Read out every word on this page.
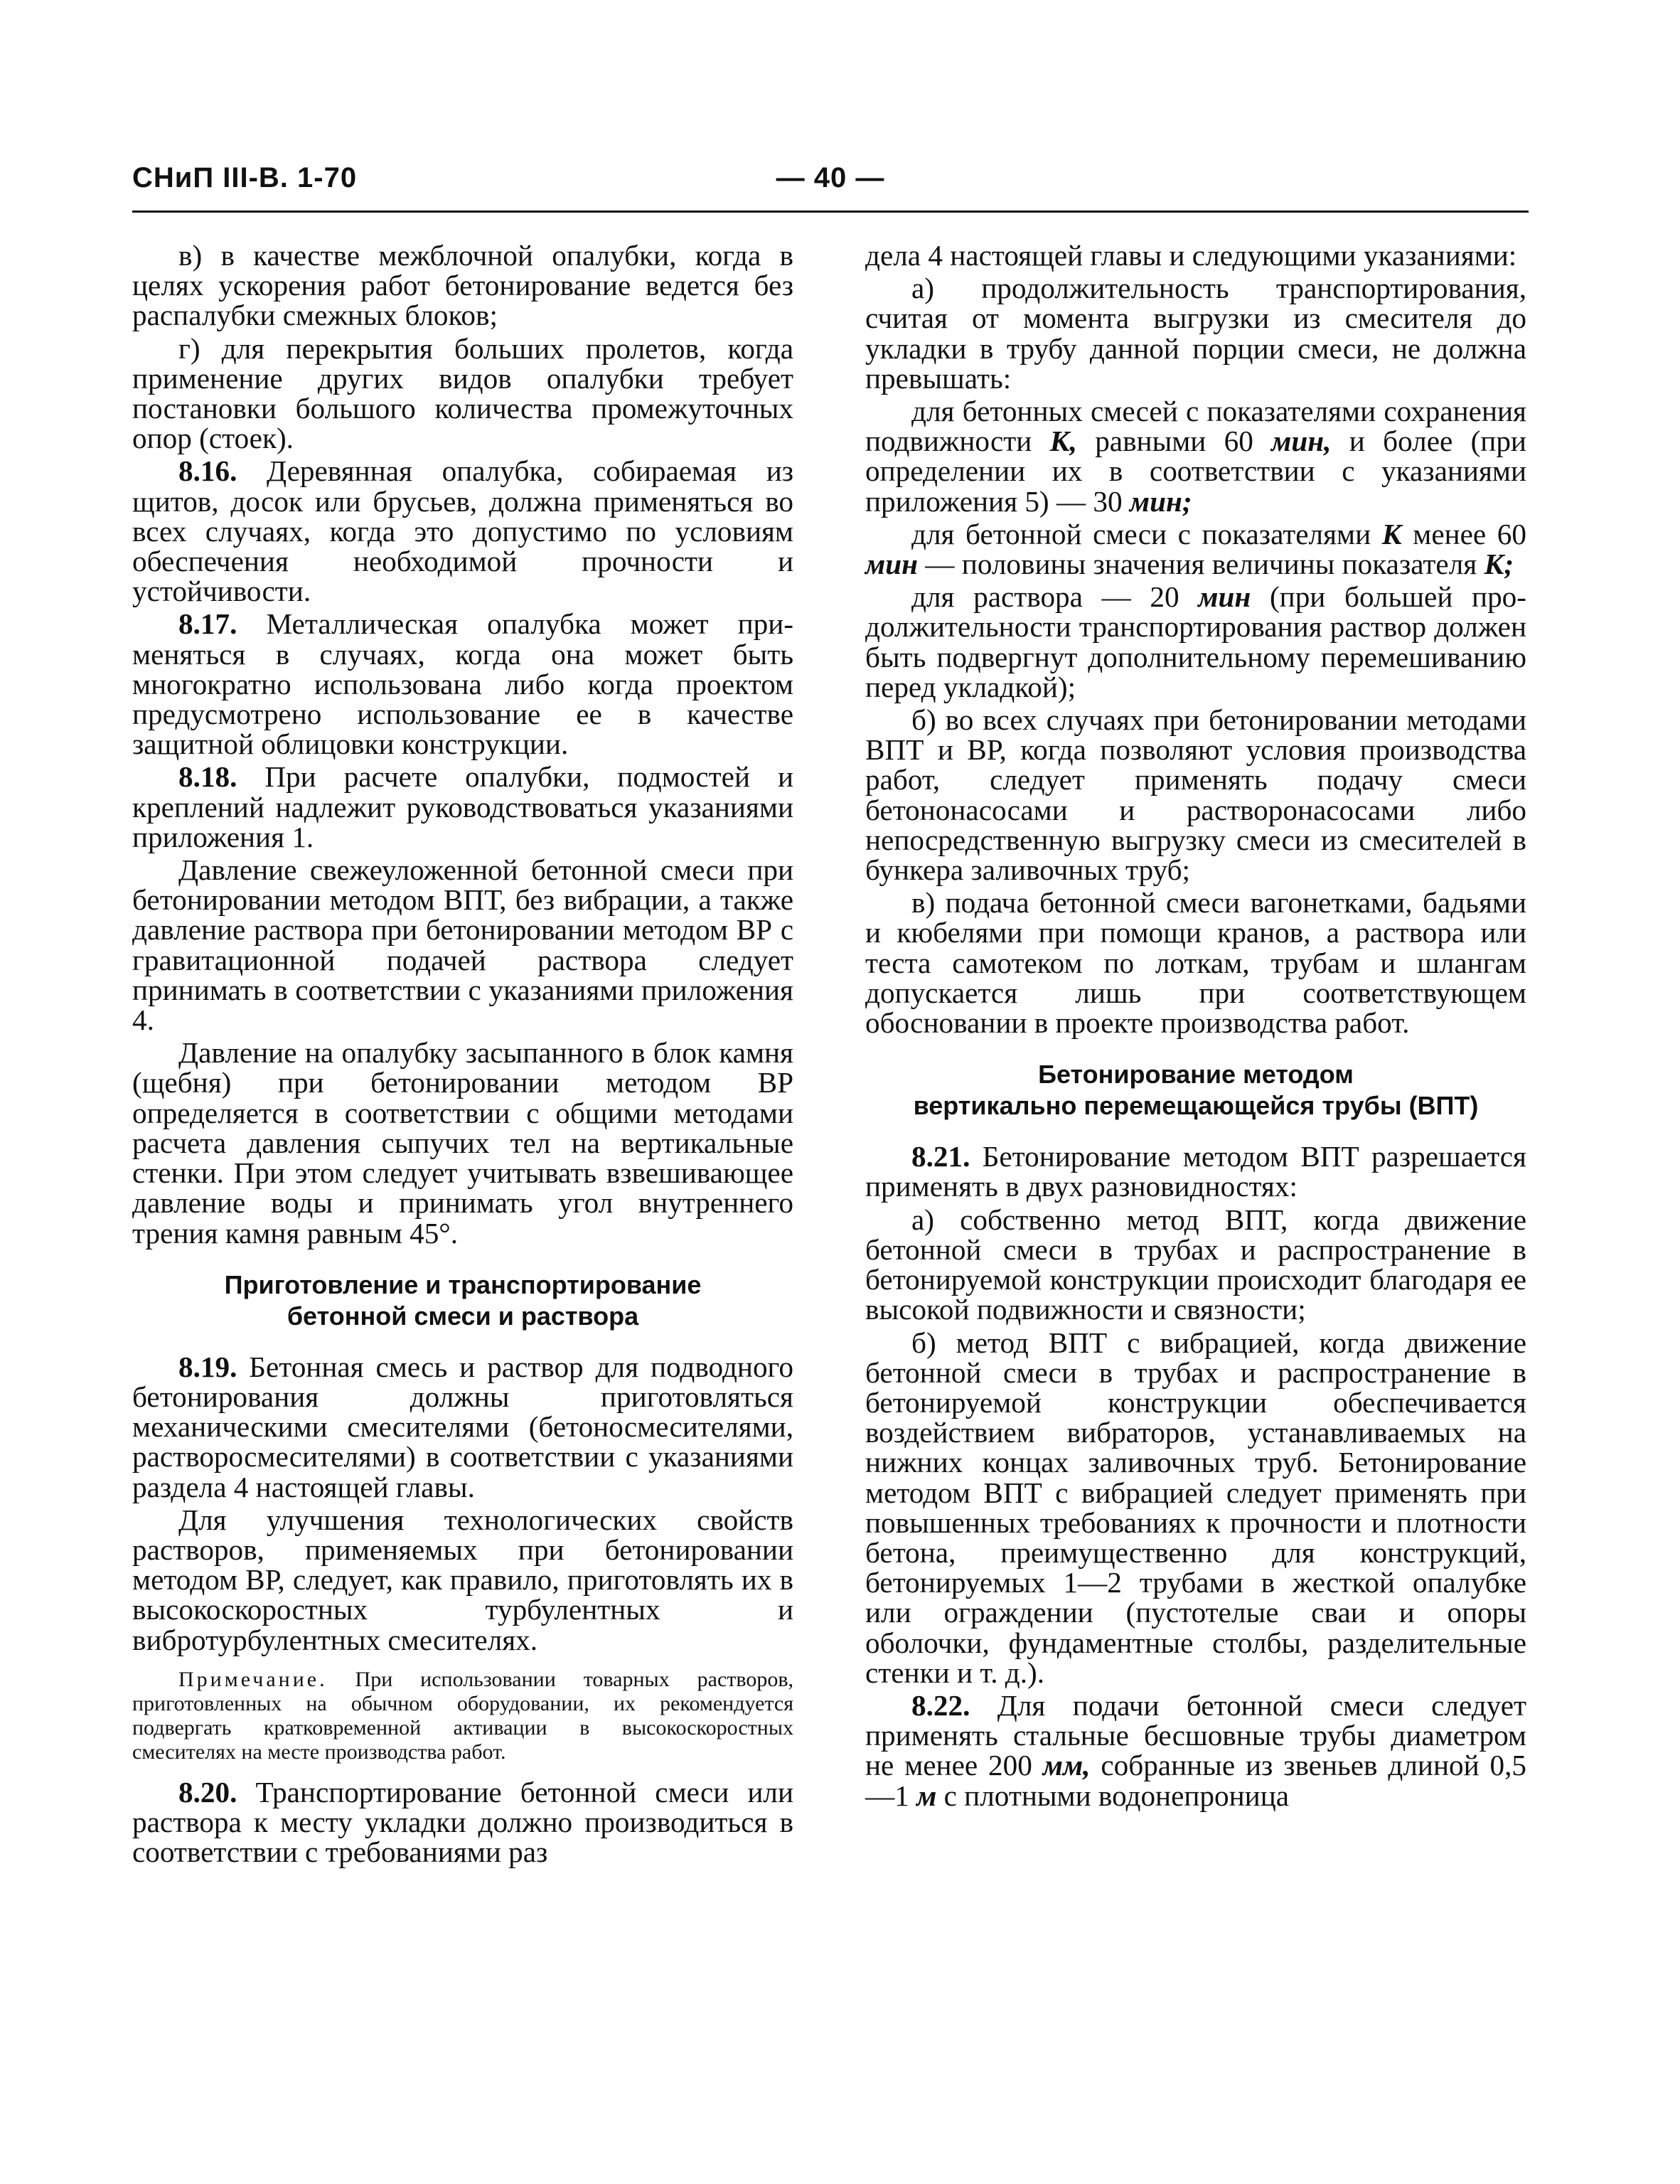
СНиП III-В. 1-70	— 40 —

в) в качестве межблочной опалубки, когда в целях ускорения работ бетонирование ведется без распалубки смежных блоков;

г) для перекрытия больших пролетов, когда применение других видов опалубки требует постановки большого количества промежуточных опор (стоек).

8.16. Деревянная опалубка, собираемая из щитов, досок или брусьев, должна применяться во всех случаях, когда это допустимо по условиям обеспечения необходимой прочности и устойчивости.

8.17. Металлическая опалубка может применяться в случаях, когда она может быть многократно использована либо когда проектом предусмотрено использование ее в качестве защитной облицовки конструкции.

8.18. При расчете опалубки, подмостей и креплений надлежит руководствоваться указаниями приложения 1.

Давление свежеуложенной бетонной смеси при бетонировании методом ВПТ, без вибрации, а также давление раствора при бетонировании методом ВР с гравитационной подачей раствора следует принимать в соответствии с указаниями приложения 4.

Давление на опалубку засыпанного в блок камня (щебня) при бетонировании методом ВР определяется в соответствии с общими методами расчета давления сыпучих тел на вертикальные стенки. При этом следует учитывать взвешивающее давление воды и принимать угол внутреннего трения камня равным 45°.

Приготовление и транспортирование
бетонной смеси и раствора

8.19. Бетонная смесь и раствор для подводного бетонирования должны приготовляться механическими смесителями (бетоносмесителями, растворосмесителями) в соответствии с указаниями раздела 4 настоящей главы.

Для улучшения технологических свойств растворов, применяемых при бетонировании методом ВР, следует, как правило, приготовлять их в высокоскоростных турбулентных и вибротурбулентных смесителях.

Примечание. При использовании товарных растворов, приготовленных на обычном оборудовании, их рекомендуется подвергать кратковременной активации в высокоскоростных смесителях на месте производства работ.

8.20. Транспортирование бетонной смеси или раствора к месту укладки должно производиться в соответствии с требованиями раз

дела 4 настоящей главы и следующими указаниями:

а) продолжительность транспортирования, считая от момента выгрузки из смесителя до укладки в трубу данной порции смеси, не должна превышать:

для бетонных смесей с показателями сохранения подвижности К, равными 60 мин, и более (при определении их в соответствии с указаниями приложения 5) — 30 мин;

для бетонной смеси с показателями К менее 60 мин — половины значения величины показателя К;

для раствора — 20 мин (при большей продолжительности транспортирования раствор должен быть подвергнут дополнительному перемешиванию перед укладкой);

б) во всех случаях при бетонировании методами ВПТ и ВР, когда позволяют условия производства работ, следует применять подачу смеси бетононасосами и растворонасосами либо непосредственную выгрузку смеси из смесителей в бункера заливочных труб;

в) подача бетонной смеси вагонетками, бадьями и кюбелями при помощи кранов, а раствора или теста самотеком по лоткам, трубам и шлангам допускается лишь при соответствующем обосновании в проекте производства работ.

Бетонирование методом
вертикально перемещающейся трубы (ВПТ)

8.21. Бетонирование методом ВПТ разрешается применять в двух разновидностях:

а) собственно метод ВПТ, когда движение бетонной смеси в трубах и распространение в бетонируемой конструкции происходит благодаря ее высокой подвижности и связности;

б) метод ВПТ с вибрацией, когда движение бетонной смеси в трубах и распространение в бетонируемой конструкции обеспечивается воздействием вибраторов, устанавливаемых на нижних концах заливочных труб. Бетонирование методом ВПТ с вибрацией следует применять при повышенных требованиях к прочности и плотности бетона, преимущественно для конструкций, бетонируемых 1—2 трубами в жесткой опалубке или ограждении (пустотелые сваи и опоры оболочки, фундаментные столбы, разделительные стенки и т. д.).

8.22. Для подачи бетонной смеси следует применять стальные бесшовные трубы диаметром не менее 200 мм, собранные из звеньев длиной 0,5—1 м с плотными водонепроница
